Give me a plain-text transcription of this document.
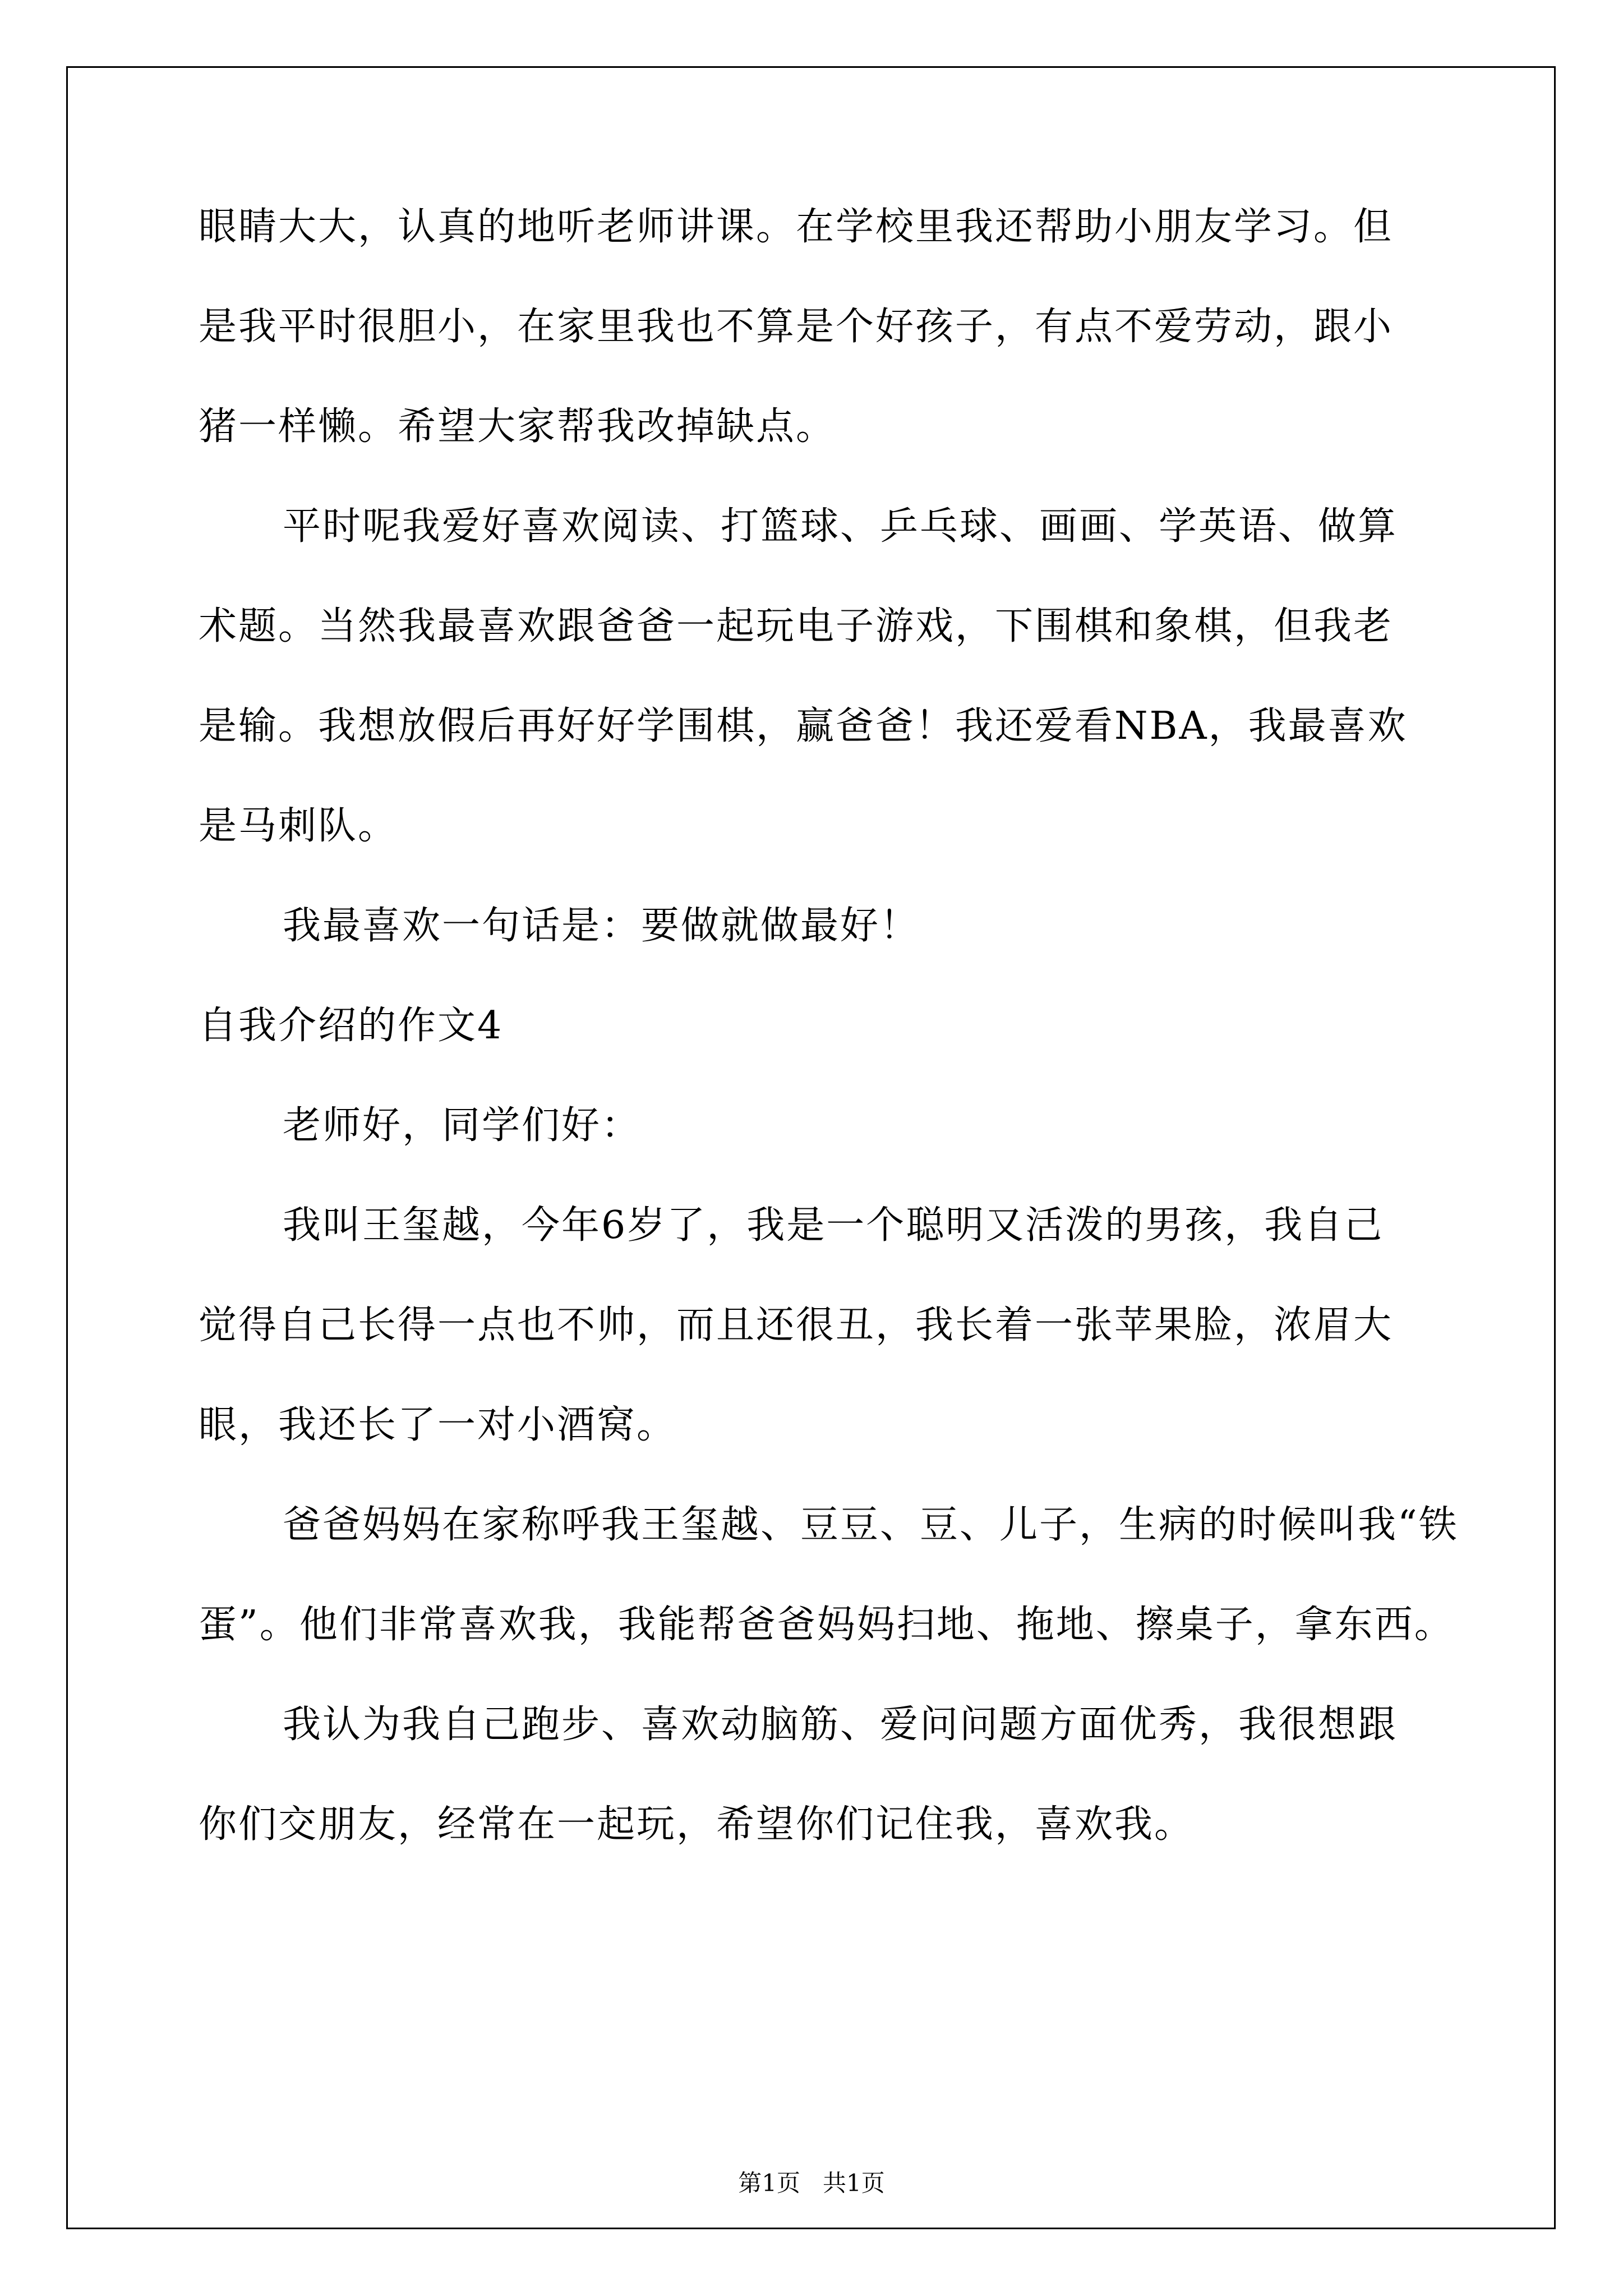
眼睛大大，认真的地听老师讲课。在学校里我还帮助小朋友学习。但

是我平时很胆小，在家里我也不算是个好孩子，有点不爱劳动，跟小

猪一样懒。希望大家帮我改掉缺点。

平时呢我爱好喜欢阅读、打篮球、乒乓球、画画、学英语、做算

术题。当然我最喜欢跟爸爸一起玩电子游戏，下围棋和象棋，但我老

是输。我想放假后再好好学围棋，赢爸爸！我还爱看NBA，我最喜欢

是马刺队。

我最喜欢一句话是：要做就做最好！

自我介绍的作文4

老师好，同学们好：

我叫王玺越，今年6岁了，我是一个聪明又活泼的男孩，我自己

觉得自己长得一点也不帅，而且还很丑，我长着一张苹果脸，浓眉大

眼，我还长了一对小酒窝。

爸爸妈妈在家称呼我王玺越、豆豆、豆、儿子，生病的时候叫我“铁

蛋”。他们非常喜欢我，我能帮爸爸妈妈扫地、拖地、擦桌子，拿东西。

我认为我自己跑步、喜欢动脑筋、爱问问题方面优秀，我很想跟

你们交朋友，经常在一起玩，希望你们记住我，喜欢我。

第1页   共1页
